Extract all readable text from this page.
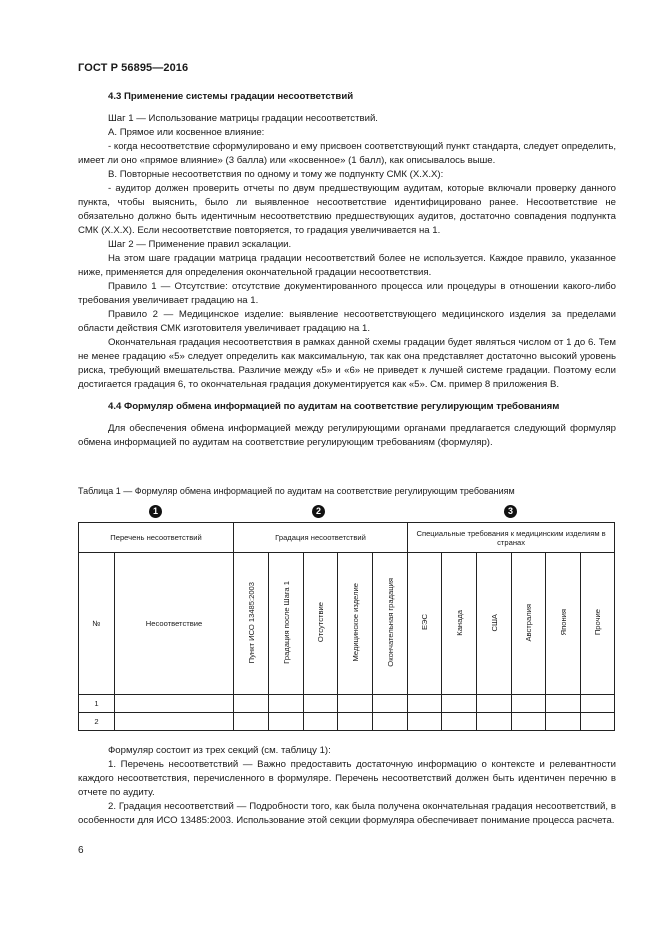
ГОСТ Р 56895—2016

4.3 Применение системы градации несоответствий

Шаг 1 — Использование матрицы градации несоответствий.

А. Прямое или косвенное влияние:

- когда несоответствие сформулировано и ему присвоен соответствующий пункт стандарта, следует определить, имеет ли оно «прямое влияние» (3 балла) или «косвенное» (1 балл), как описывалось выше.

В. Повторные несоответствия по одному и тому же подпункту СМК (X.X.X):

- аудитор должен проверить отчеты по двум предшествующим аудитам, которые включали проверку данного пункта, чтобы выяснить, было ли выявленное несоответствие идентифицировано ранее. Несоответствие не обязательно должно быть идентичным несоответствию предшествующих аудитов, достаточно совпадения подпункта СМК (X.X.X). Если несоответствие повторяется, то градация увеличивается на 1.

Шаг 2 — Применение правил эскалации.

На этом шаге градации матрица градации несоответствий более не используется. Каждое правило, указанное ниже, применяется для определения окончательной градации несоответствия.

Правило 1 — Отсутствие: отсутствие документированного процесса или процедуры в отношении какого-либо требования увеличивает градацию на 1.

Правило 2 — Медицинское изделие: выявление несоответствующего медицинского изделия за пределами области действия СМК изготовителя увеличивает градацию на 1.

Окончательная градация несоответствия в рамках данной схемы градации будет являться числом от 1 до 6. Тем не менее градацию «5» следует определить как максимальную, так как она представляет достаточно высокий уровень риска, требующий вмешательства. Различие между «5» и «6» не приведет к лучшей системе градации. Поэтому если достигается градация 6, то окончательная градация документируется как «5». См. пример 8 приложения В.

4.4 Формуляр обмена информацией по аудитам на соответствие регулирующим требованиям

Для обеспечения обмена информацией между регулирующими органами предлагается следующий формуляр обмена информацией по аудитам на соответствие регулирующим требованиям (формуляр).

Таблица 1 — Формуляр обмена информацией по аудитам на соответствие регулирующим требованиям
1	2	3
Перечень несоответствий		Градация несоответствий					Специальные требования к медицинским изделиям в странах					
№	Несоответствие	Пункт ИСО 13485:2003	Градация после Шага 1	Отсутствие	Медицинское изделие	Окончательная градация	ЕЭС	Канада	США	Австралия	Япония	Прочие
1												
2												

Формуляр состоит из трех секций (см. таблицу 1):

1. Перечень несоответствий — Важно предоставить достаточную информацию о контексте и релевантности каждого несоответствия, перечисленного в формуляре. Перечень несоответствий должен быть идентичен перечню в отчете по аудиту.

2. Градация несоответствий — Подробности того, как была получена окончательная градация несоответствий, в особенности для ИСО 13485:2003. Использование этой секции формуляра обеспечивает понимание процесса расчета.

6
